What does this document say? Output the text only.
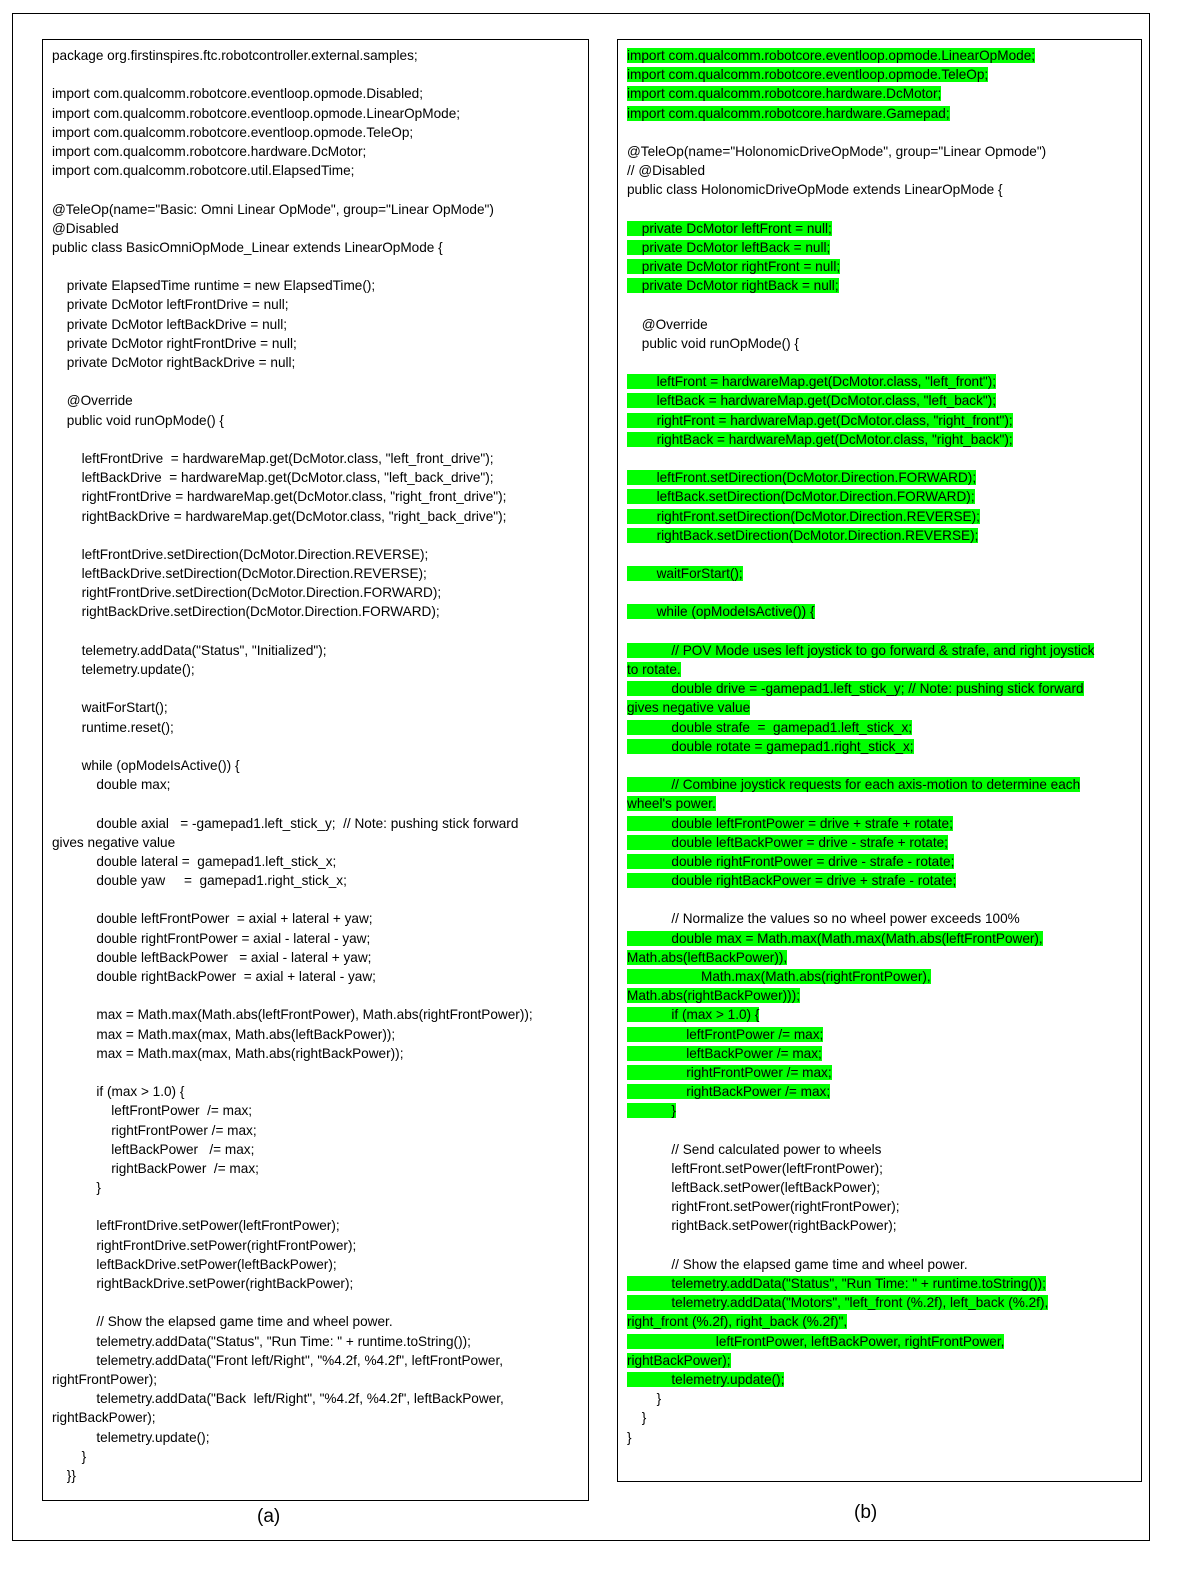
package org.firstinspires.ftc.robotcontroller.external.samples;
import com.qualcomm.robotcore.eventloop.opmode.Disabled;
import com.qualcomm.robotcore.eventloop.opmode.LinearOpMode;
import com.qualcomm.robotcore.eventloop.opmode.TeleOp;
import com.qualcomm.robotcore.hardware.DcMotor;
import com.qualcomm.robotcore.util.ElapsedTime;
@TeleOp(name="Basic: Omni Linear OpMode", group="Linear OpMode")
@Disabled
public class BasicOmniOpMode_Linear extends LinearOpMode {
private ElapsedTime runtime = new ElapsedTime();
private DcMotor leftFrontDrive = null;
private DcMotor leftBackDrive = null;
private DcMotor rightFrontDrive = null;
private DcMotor rightBackDrive = null;
@Override
public void runOpMode() {
leftFrontDrive  = hardwareMap.get(DcMotor.class, "left_front_drive");
leftBackDrive  = hardwareMap.get(DcMotor.class, "left_back_drive");
rightFrontDrive = hardwareMap.get(DcMotor.class, "right_front_drive");
rightBackDrive = hardwareMap.get(DcMotor.class, "right_back_drive");
leftFrontDrive.setDirection(DcMotor.Direction.REVERSE);
leftBackDrive.setDirection(DcMotor.Direction.REVERSE);
rightFrontDrive.setDirection(DcMotor.Direction.FORWARD);
rightBackDrive.setDirection(DcMotor.Direction.FORWARD);
telemetry.addData("Status", "Initialized");
telemetry.update();
waitForStart();
runtime.reset();
while (opModeIsActive()) {
double max;
double axial   = -gamepad1.left_stick_y;  // Note: pushing stick forward
gives negative value
double lateral =  gamepad1.left_stick_x;
double yaw     =  gamepad1.right_stick_x;
double leftFrontPower  = axial + lateral + yaw;
double rightFrontPower = axial - lateral - yaw;
double leftBackPower   = axial - lateral + yaw;
double rightBackPower  = axial + lateral - yaw;
max = Math.max(Math.abs(leftFrontPower), Math.abs(rightFrontPower));
max = Math.max(max, Math.abs(leftBackPower));
max = Math.max(max, Math.abs(rightBackPower));
if (max > 1.0) {
leftFrontPower  /= max;
rightFrontPower /= max;
leftBackPower   /= max;
rightBackPower  /= max;
}
leftFrontDrive.setPower(leftFrontPower);
rightFrontDrive.setPower(rightFrontPower);
leftBackDrive.setPower(leftBackPower);
rightBackDrive.setPower(rightBackPower);
// Show the elapsed game time and wheel power.
telemetry.addData("Status", "Run Time: " + runtime.toString());
telemetry.addData("Front left/Right", "%4.2f, %4.2f", leftFrontPower,
rightFrontPower);
telemetry.addData("Back  left/Right", "%4.2f, %4.2f", leftBackPower,
rightBackPower);
telemetry.update();
}
}}
import com.qualcomm.robotcore.eventloop.opmode.LinearOpMode;
import com.qualcomm.robotcore.eventloop.opmode.TeleOp;
import com.qualcomm.robotcore.hardware.DcMotor;
import com.qualcomm.robotcore.hardware.Gamepad;
@TeleOp(name="HolonomicDriveOpMode", group="Linear Opmode")
// @Disabled
public class HolonomicDriveOpMode extends LinearOpMode {
private DcMotor leftFront = null;
private DcMotor leftBack = null;
private DcMotor rightFront = null;
private DcMotor rightBack = null;
@Override
public void runOpMode() {
leftFront = hardwareMap.get(DcMotor.class, "left_front");
leftBack = hardwareMap.get(DcMotor.class, "left_back");
rightFront = hardwareMap.get(DcMotor.class, "right_front");
rightBack = hardwareMap.get(DcMotor.class, "right_back");
leftFront.setDirection(DcMotor.Direction.FORWARD);
leftBack.setDirection(DcMotor.Direction.FORWARD);
rightFront.setDirection(DcMotor.Direction.REVERSE);
rightBack.setDirection(DcMotor.Direction.REVERSE);
waitForStart();
while (opModeIsActive()) {
// POV Mode uses left joystick to go forward & strafe, and right joystick
to rotate.
double drive = -gamepad1.left_stick_y; // Note: pushing stick forward
gives negative value
double strafe  =  gamepad1.left_stick_x;
double rotate = gamepad1.right_stick_x;
// Combine joystick requests for each axis-motion to determine each
wheel's power.
double leftFrontPower = drive + strafe + rotate;
double leftBackPower = drive - strafe + rotate;
double rightFrontPower = drive - strafe - rotate;
double rightBackPower = drive + strafe - rotate;
// Normalize the values so no wheel power exceeds 100%
double max = Math.max(Math.max(Math.abs(leftFrontPower),
Math.abs(leftBackPower)),
Math.max(Math.abs(rightFrontPower),
Math.abs(rightBackPower)));
if (max > 1.0) {
leftFrontPower /= max;
leftBackPower /= max;
rightFrontPower /= max;
rightBackPower /= max;
}
// Send calculated power to wheels
leftFront.setPower(leftFrontPower);
leftBack.setPower(leftBackPower);
rightFront.setPower(rightFrontPower);
rightBack.setPower(rightBackPower);
// Show the elapsed game time and wheel power.
telemetry.addData("Status", "Run Time: " + runtime.toString());
telemetry.addData("Motors", "left_front (%.2f), left_back (%.2f),
right_front (%.2f), right_back (%.2f)",
leftFrontPower, leftBackPower, rightFrontPower,
rightBackPower);
telemetry.update();
}
}
}
(a)	(b)
